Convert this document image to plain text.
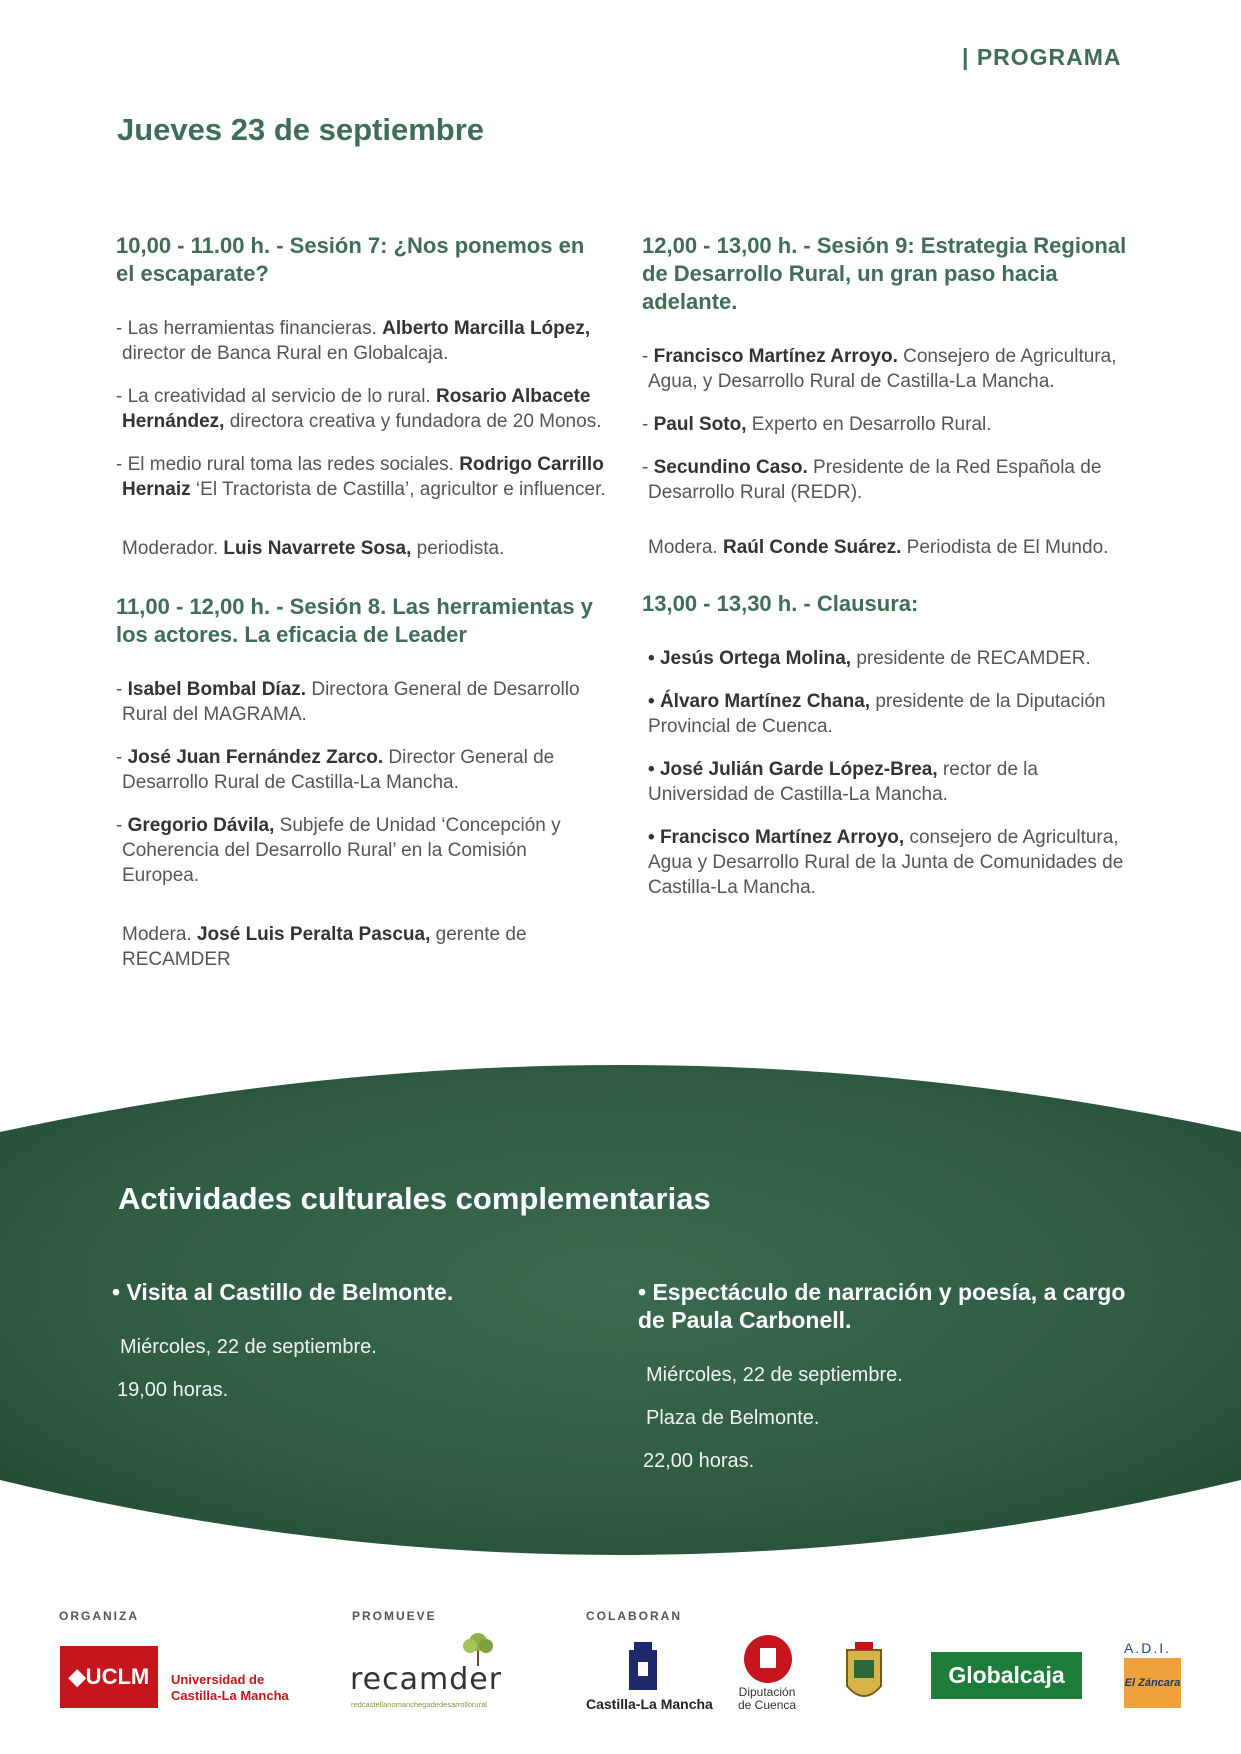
| PROGRAMA
Jueves 23 de septiembre
10,00 - 11.00 h. - Sesión 7: ¿Nos ponemos en el escaparate?
- Las herramientas financieras. Alberto Marcilla López, director de Banca Rural en Globalcaja.
- La creatividad al servicio de lo rural. Rosario Albacete Hernández, directora creativa y fundadora de 20 Monos.
- El medio rural toma las redes sociales. Rodrigo Carrillo Hernaiz ‘El Tractorista de Castilla’, agricultor e influencer.
Moderador. Luis Navarrete Sosa, periodista.
11,00 - 12,00 h. - Sesión 8. Las herramientas y los actores. La eficacia de Leader
- Isabel Bombal Díaz. Directora General de Desarrollo Rural del MAGRAMA.
- José Juan Fernández Zarco. Director General de Desarrollo Rural de Castilla-La Mancha.
- Gregorio Dávila, Subjefe de Unidad ‘Concepción y Coherencia del Desarrollo Rural’ en la Comisión Europea.
Modera. José Luis Peralta Pascua, gerente de RECAMDER
12,00 - 13,00 h. - Sesión 9: Estrategia Regional de Desarrollo Rural, un gran paso hacia adelante.
- Francisco Martínez Arroyo. Consejero de Agricultura, Agua, y Desarrollo Rural de Castilla-La Mancha.
- Paul Soto, Experto en Desarrollo Rural.
- Secundino Caso. Presidente de la Red Española de Desarrollo Rural (REDR).
Modera. Raúl Conde Suárez. Periodista de El Mundo.
13,00 - 13,30 h. - Clausura:
• Jesús Ortega Molina, presidente de RECAMDER.
• Álvaro Martínez Chana, presidente de la Diputación Provincial de Cuenca.
• José Julián Garde López-Brea, rector de la Universidad de Castilla-La Mancha.
• Francisco Martínez Arroyo, consejero de Agricultura, Agua y Desarrollo Rural de la Junta de Comunidades de Castilla-La Mancha.
Actividades culturales complementarias
• Visita al Castillo de Belmonte.
Miércoles, 22 de septiembre.
19,00 horas.
• Espectáculo de narración y poesía, a cargo de Paula Carbonell.
Miércoles, 22 de septiembre.
Plaza de Belmonte.
22,00 horas.
ORGANIZA	PROMUEVE	COLABORAN
◆UCLM	Universidad de
Castilla-La Mancha recamder
redcastellanomanchegadedesarrollorural	Castilla-La Mancha
Diputación
de Cuenca
Globalcaja
A.D.I.
El Záncara
